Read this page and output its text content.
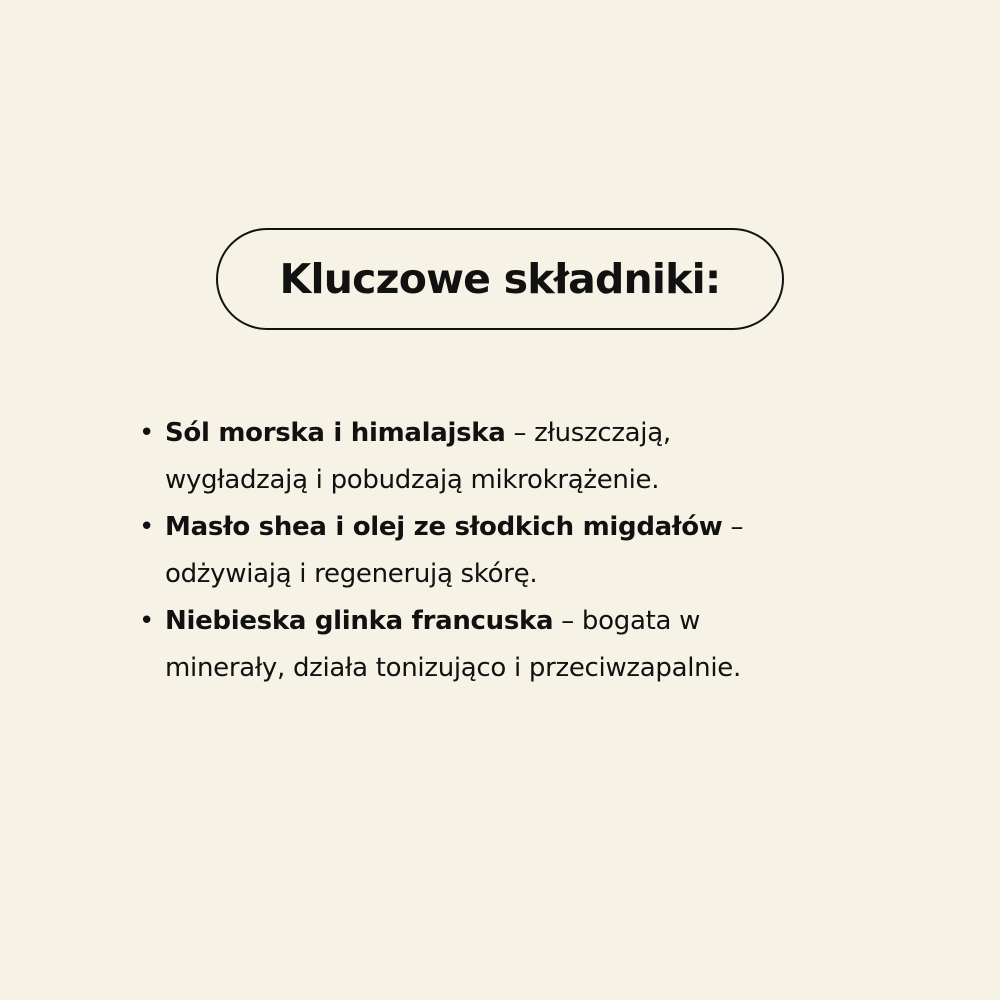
Kluczowe składniki:
• Sól morska i himalajska – złuszczają,
wygładzają i pobudzają mikrokrążenie.
• Masło shea i olej ze słodkich migdałów –
odżywiają i regenerują skórę.
• Niebieska glinka francuska – bogata w
minerały, działa tonizująco i przeciwzapalnie.
